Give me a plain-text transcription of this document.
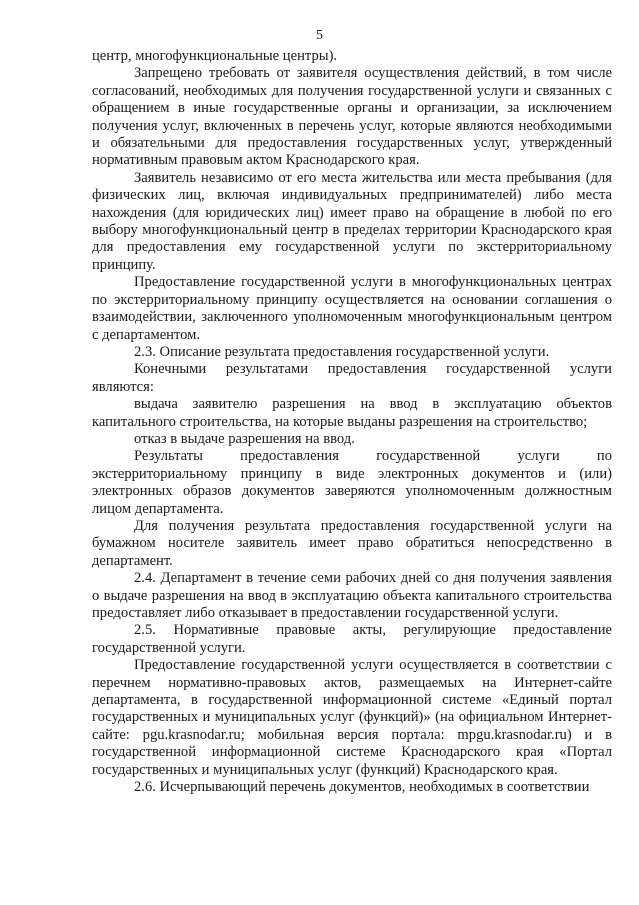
5

центр, многофункциональные центры).

Запрещено требовать от заявителя осуществления действий, в том числе согласований, необходимых для получения государственной услуги и связанных с обращением в иные государственные органы и организации, за исключением получения услуг, включенных в перечень услуг, которые являются необходимыми и обязательными для предоставления государственных услуг, утвержденный нормативным правовым актом Краснодарского края.

Заявитель независимо от его места жительства или места пребывания (для физических лиц, включая индивидуальных предпринимателей) либо места нахождения (для юридических лиц) имеет право на обращение в любой по его выбору многофункциональный центр в пределах территории Краснодарского края для предоставления ему государственной услуги по экстерриториальному принципу.

Предоставление государственной услуги в многофункциональных центрах по экстерриториальному принципу осуществляется на основании соглашения о взаимодействии, заключенного уполномоченным многофункциональным центром с департаментом.

2.3. Описание результата предоставления государственной услуги.

Конечными результатами предоставления государственной услуги являются:

выдача заявителю разрешения на ввод в эксплуатацию объектов капитального строительства, на которые выданы разрешения на строительство;

отказ в выдаче разрешения на ввод.

Результаты предоставления государственной услуги по экстерриториальному принципу в виде электронных документов и (или) электронных образов документов заверяются уполномоченным должностным лицом департамента.

Для получения результата предоставления государственной услуги на бумажном носителе заявитель имеет право обратиться непосредственно в департамент.

2.4. Департамент в течение семи рабочих дней со дня получения заявления о выдаче разрешения на ввод в эксплуатацию объекта капитального строительства предоставляет либо отказывает в предоставлении государственной услуги.

2.5. Нормативные правовые акты, регулирующие предоставление государственной услуги.

Предоставление государственной услуги осуществляется в соответствии с перечнем нормативно-правовых актов, размещаемых на Интернет-сайте департамента, в государственной информационной системе «Единый портал государственных и муниципальных услуг (функций)» (на официальном Интернет-сайте: pgu.krasnodar.ru; мобильная версия портала: mpgu.krasnodar.ru) и в государственной информационной системе Краснодарского края «Портал государственных и муниципальных услуг (функций) Краснодарского края.

2.6. Исчерпывающий перечень документов, необходимых в соответствии
